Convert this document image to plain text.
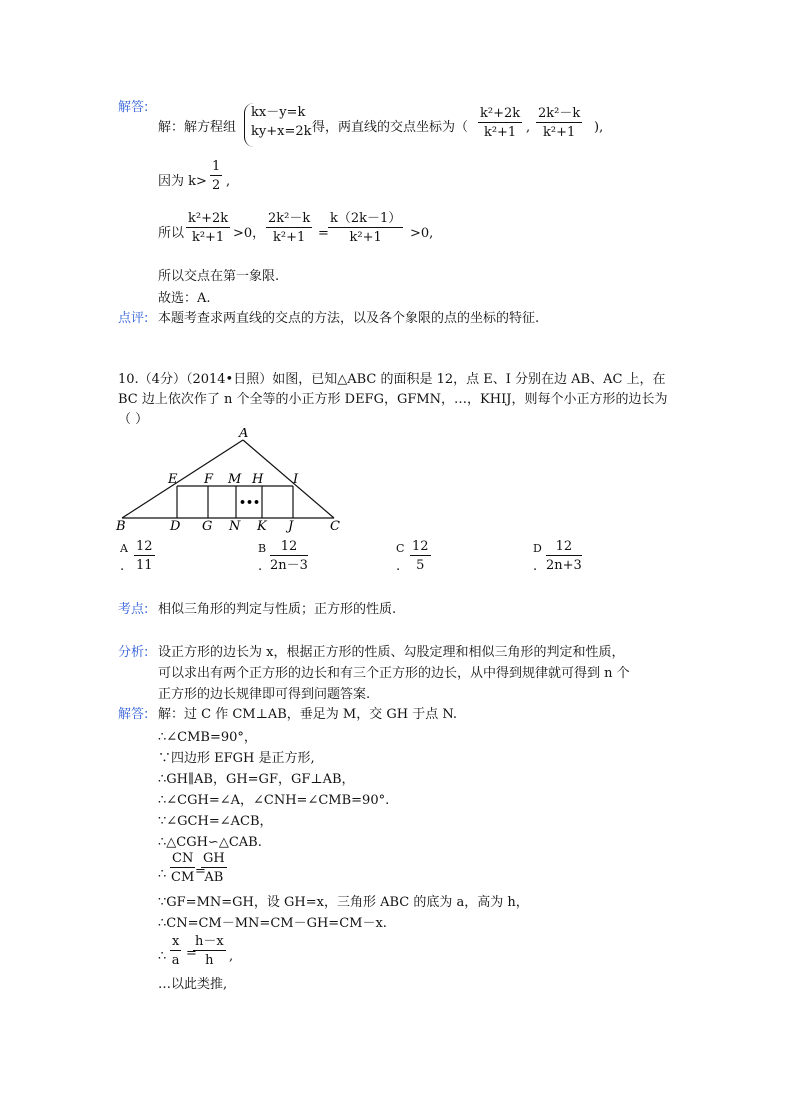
解答:
解：解方程组
kx－y=k
ky+x=2k 得，两直线的交点坐标为（ $\frac{\text{k²+2k}}{\text{k²+1}}$ , $\frac{\text{2k²－k}}{\text{k²+1}}$ ),
因为 $k> \frac{1}{2}$ ,
所以 $\frac{\text{k²+2k}}{\text{k²+1}} >0$， $\frac{\text{2k²－k}}{\text{k²+1}} = \frac{k(2k-1)}{\text{k²+1}} >0$,
所以交点在第一象限.
故选：A.
点评: 本题考查求两直线的交点的方法，以及各个象限的点的坐标的特征.
10.（4分）（2014•日照）如图，已知△ABC 的面积是 12，点 E、I 分别在边 AB、AC 上，在
BC 边上依次作了 n 个全等的小正方形 DEFG，GFMN，…，KHIJ，则每个小正方形的边长为
（ ）
A
B	C
D
E F
G
H I
J
K
M
N
•••
A
. $\frac{12}{11}$	B
. $\frac{12}{2n-3}$	C
. $\frac{12}{5}$	D
. $\frac{12}{2n+3}$
考点: 相似三角形的判定与性质；正方形的性质.
分析: 设正方形的边长为 x，根据正方形的性质、勾股定理和相似三角形的判定和性质，
可以求出有两个正方形的边长和有三个正方形的边长，从中得到规律就可得到 n 个
正方形的边长规律即可得到问题答案.
解答: 解：过 C 作 CM⊥AB，垂足为 M，交 GH 于点 N.
∴∠CMB=90°，
∵四边形 EFGH 是正方形,
∴GH∥AB，GH=GF，GF⊥AB，
∴∠CGH=∠A，∠CNH=∠CMB=90°.
∵∠GCH=∠ACB，
∴△CGH∽△CAB.
∴ $\frac{CN}{CM}$ =
$\frac{GH}{AB}$
∵GF=MN=GH，设 GH=x，三角形 ABC 的底为 a，高为 h，
∴CN=CM－MN=CM－GH=CM－x.
∴ $\frac{x}{a}$ =
$\frac{h-x}{h}$ ,
…以此类推,
